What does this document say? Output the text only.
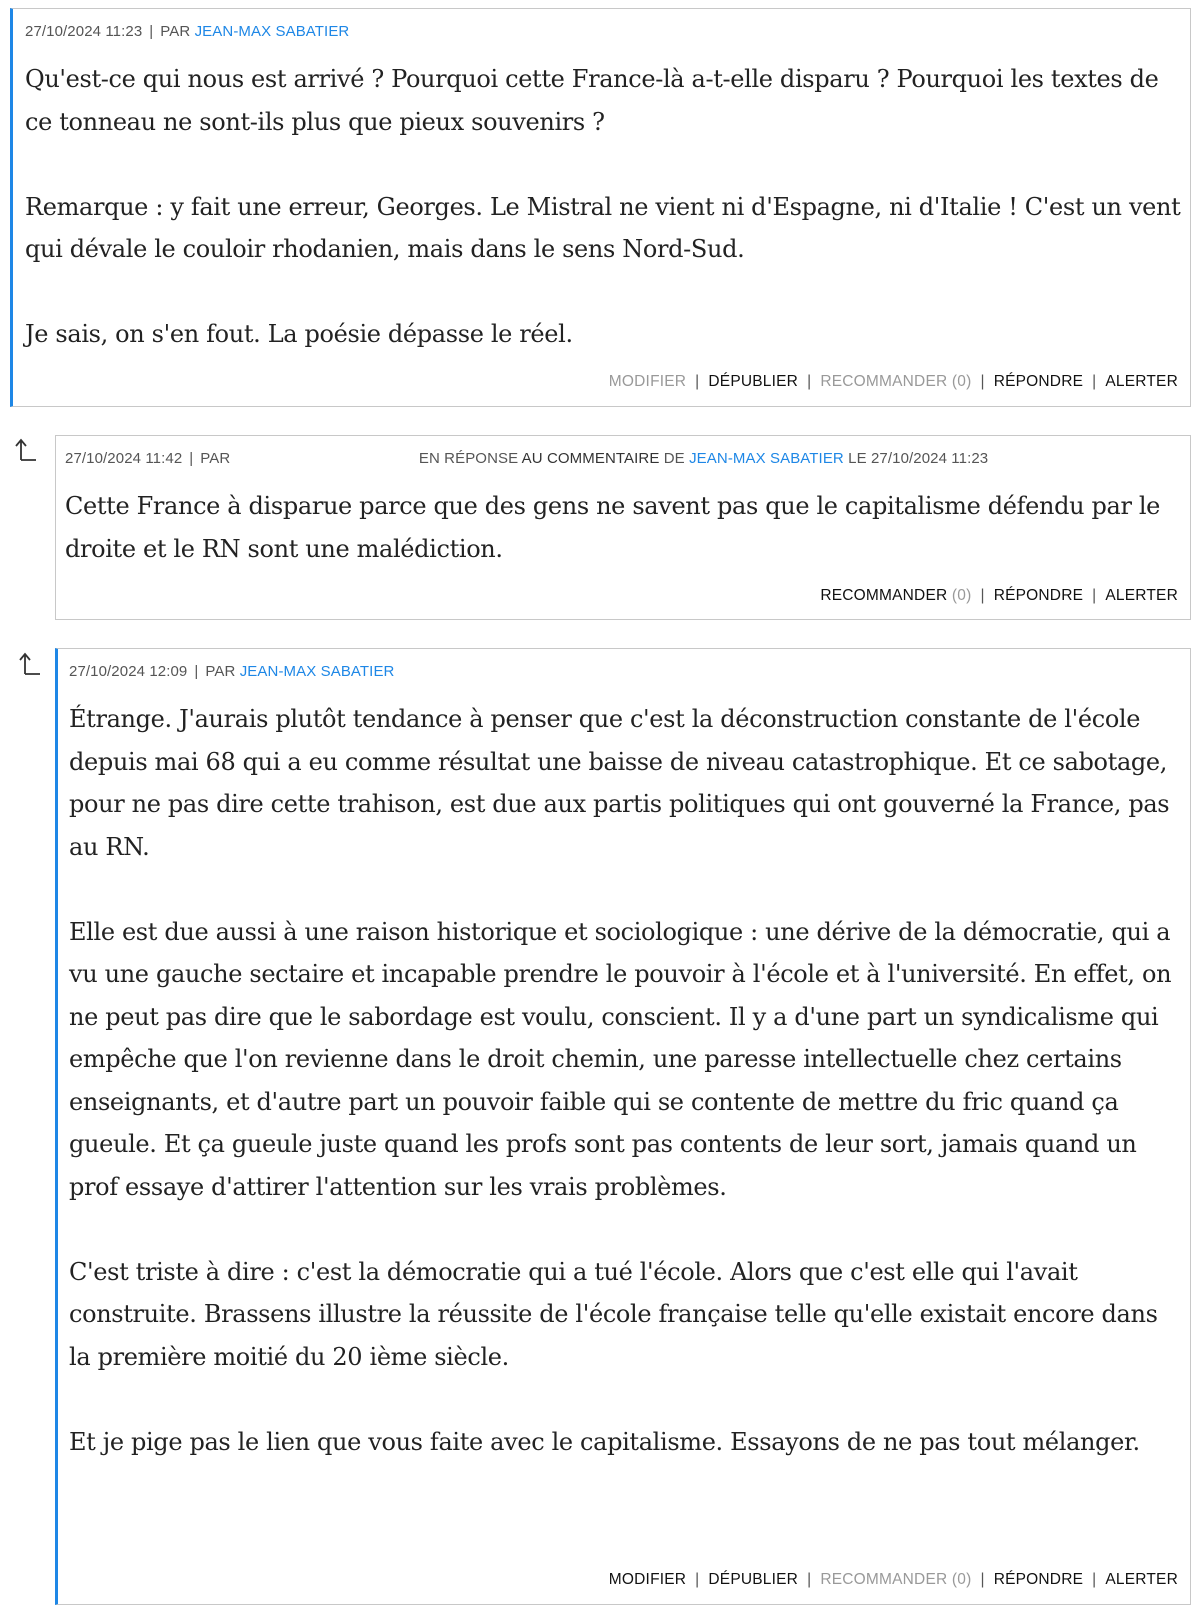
27/10/2024 11:23 | PAR JEAN-MAX SABATIER

Qu'est-ce qui nous est arrivé ? Pourquoi cette France-là a-t-elle disparu ? Pourquoi les textes de ce tonneau ne sont-ils plus que pieux souvenirs ?

Remarque : y fait une erreur, Georges. Le Mistral ne vient ni d'Espagne, ni d'Italie ! C'est un vent qui dévale le couloir rhodanien, mais dans le sens Nord-Sud.

Je sais, on s'en fout. La poésie dépasse le réel.

MODIFIER | DÉPUBLIER | RECOMMANDER (0) | RÉPONDRE | ALERTER
27/10/2024 11:42 | PAR	EN RÉPONSE AU COMMENTAIRE DE JEAN-MAX SABATIER LE 27/10/2024 11:23

Cette France à disparue parce que des gens ne savent pas que le capitalisme défendu par le droite et le RN sont une malédiction.

RECOMMANDER (0) | RÉPONDRE | ALERTER
27/10/2024 12:09 | PAR JEAN-MAX SABATIER

Étrange. J'aurais plutôt tendance à penser que c'est la déconstruction constante de l'école depuis mai 68 qui a eu comme résultat une baisse de niveau catastrophique. Et ce sabotage, pour ne pas dire cette trahison, est due aux partis politiques qui ont gouverné la France, pas au RN.

Elle est due aussi à une raison historique et sociologique : une dérive de la démocratie, qui a vu une gauche sectaire et incapable prendre le pouvoir à l'école et à l'université. En effet, on ne peut pas dire que le sabordage est voulu, conscient. Il y a d'une part un syndicalisme qui empêche que l'on revienne dans le droit chemin, une paresse intellectuelle chez certains enseignants, et d'autre part un pouvoir faible qui se contente de mettre du fric quand ça gueule. Et ça gueule juste quand les profs sont pas contents de leur sort, jamais quand un prof essaye d'attirer l'attention sur les vrais problèmes.

C'est triste à dire : c'est la démocratie qui a tué l'école. Alors que c'est elle qui l'avait construite. Brassens illustre la réussite de l'école française telle qu'elle existait encore dans la première moitié du 20 ième siècle.

Et je pige pas le lien que vous faite avec le capitalisme. Essayons de ne pas tout mélanger.

MODIFIER | DÉPUBLIER | RECOMMANDER (0) | RÉPONDRE | ALERTER
